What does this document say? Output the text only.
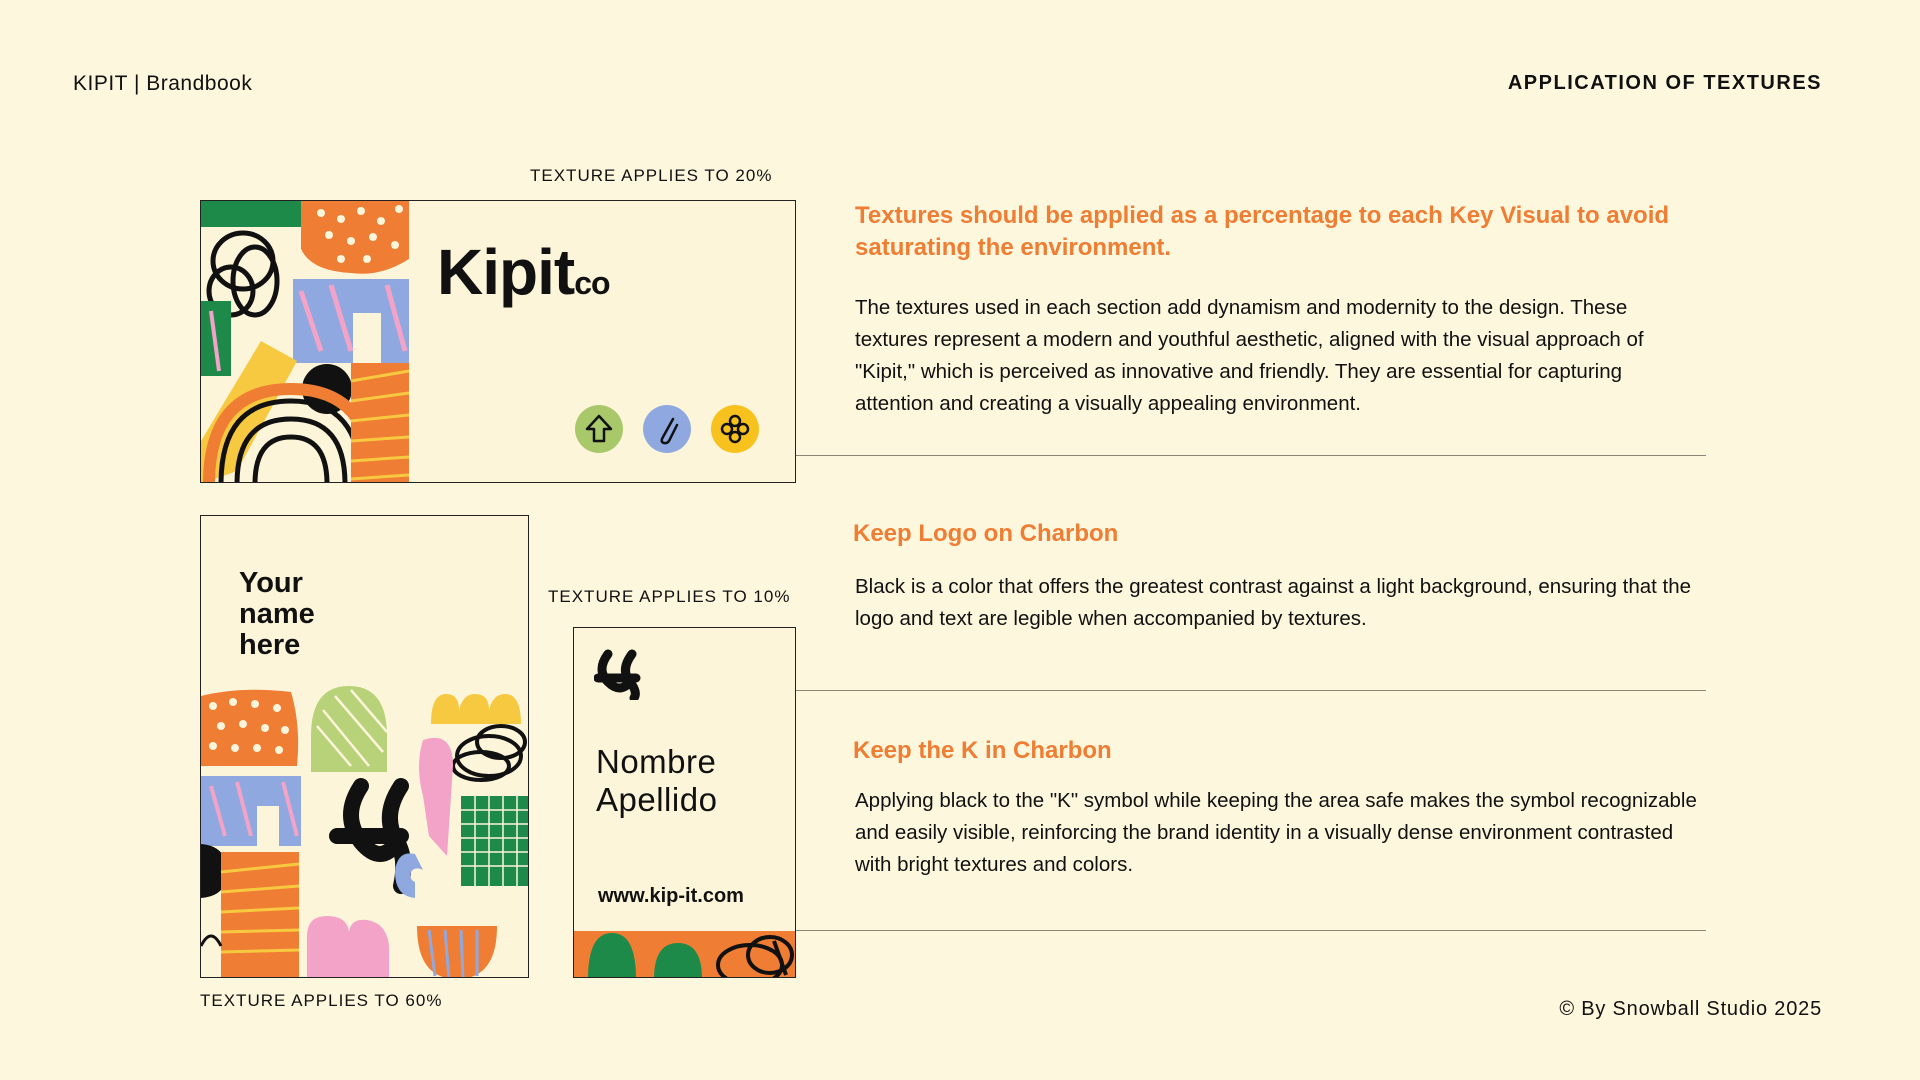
KIPIT | Brandbook	APPLICATION OF TEXTURES
TEXTURE APPLIES TO 20%
Kipitco
Your
name
here
TEXTURE APPLIES TO 60%
TEXTURE APPLIES TO 10%
Nombre
Apellido
www.kip-it.com
Textures should be applied as a percentage to each Key Visual to avoid saturating the environment.
The textures used in each section add dynamism and modernity to the design. These textures represent a modern and youthful aesthetic, aligned with the visual approach of "Kipit," which is perceived as innovative and friendly. They are essential for capturing attention and creating a visually appealing environment.
Keep Logo on Charbon
Black is a color that offers the greatest contrast against a light background, ensuring that the logo and text are legible when accompanied by textures.
Keep the K in Charbon
Applying black to the "K" symbol while keeping the area safe makes the symbol recognizable and easily visible, reinforcing the brand identity in a visually dense environment contrasted with bright textures and colors.
© By Snowball Studio 2025
